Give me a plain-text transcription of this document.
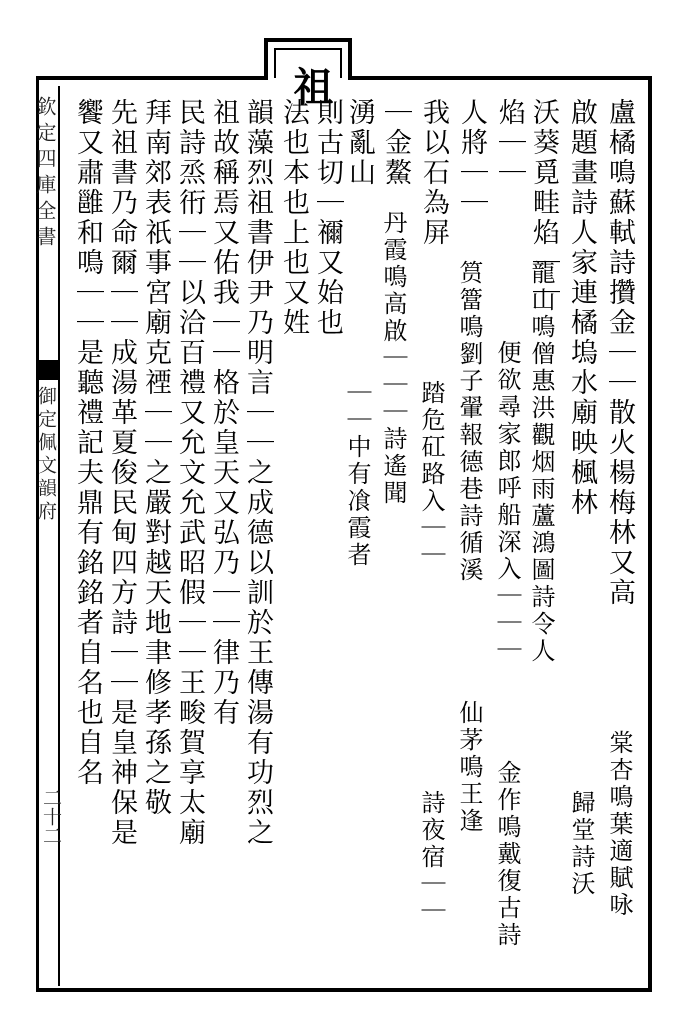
欽定四庫全書
御定佩文韻府
二十二
祖
盧橘鳴蘇軾詩攢金｜｜散火楊梅林又高
啟題畫詩人家連橘塢水廟映楓林
沃葵覓畦焰｜｜
焰｜｜
人將｜｜
我以石為屏
｜金鰲
湧亂山
則古切｜禰又始也
法也本也上也又姓
韻藻烈祖書伊尹乃明言｜｜之成德以訓於王傳湯有功烈之
祖故稱焉又佑我｜｜格於皇天又弘乃｜｜律乃有
民詩烝衎｜｜以洽百禮又允文允武昭假｜｜王畯賀享太廟
拜南郊表祇事宮廟克禋｜｜之嚴對越天地聿修孝孫之敬
先祖書乃命爾｜｜成湯革夏俊民甸四方詩｜｜是皇神保是
饗又肅雝和鳴｜｜是聽禮記夫鼎有銘銘者自名也自名
棠杏鳴葉適賦咏
歸堂詩沃
龍山鳴僧惠洪觀烟雨蘆鴻圖詩令人
便欲尋家郎呼船深入｜｜｜
金作鳴戴復古詩
筼簹鳴劉子翬報德巷詩循溪
踏危矼路入｜｜
仙茅鳴王逢
詩夜宿｜｜
丹霞鳴高啟｜｜｜詩遙聞
｜｜中有飡霞者
